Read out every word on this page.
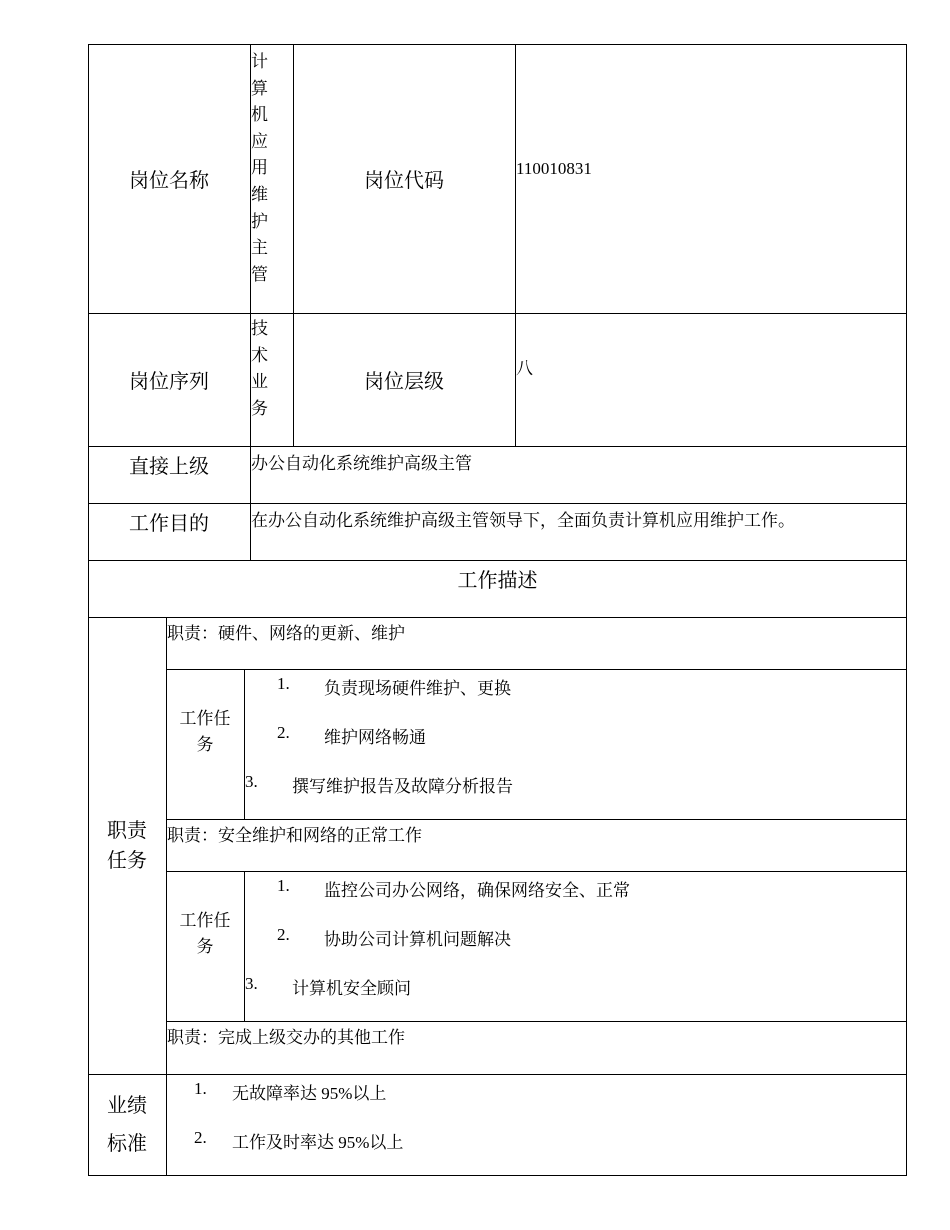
岗位名称
计算机应用维护主管
岗位代码
110010831
岗位序列
技术业务
岗位层级
八
直接上级	办公自动化系统维护高级主管
工作目的	在办公自动化系统维护高级主管领导下，全面负责计算机应用维护工作。
工作描述
职责
任务
职责：硬件、网络的更新、维护
工作任
务
1. 负责现场硬件维护、更换
2. 维护网络畅通
3. 撰写维护报告及故障分析报告
职责：安全维护和网络的正常工作
工作任
务
1. 监控公司办公网络，确保网络安全、正常
2. 协助公司计算机问题解决
3. 计算机安全顾问
职责：完成上级交办的其他工作
业绩
标准
1. 无故障率达 95%以上
2. 工作及时率达 95%以上
